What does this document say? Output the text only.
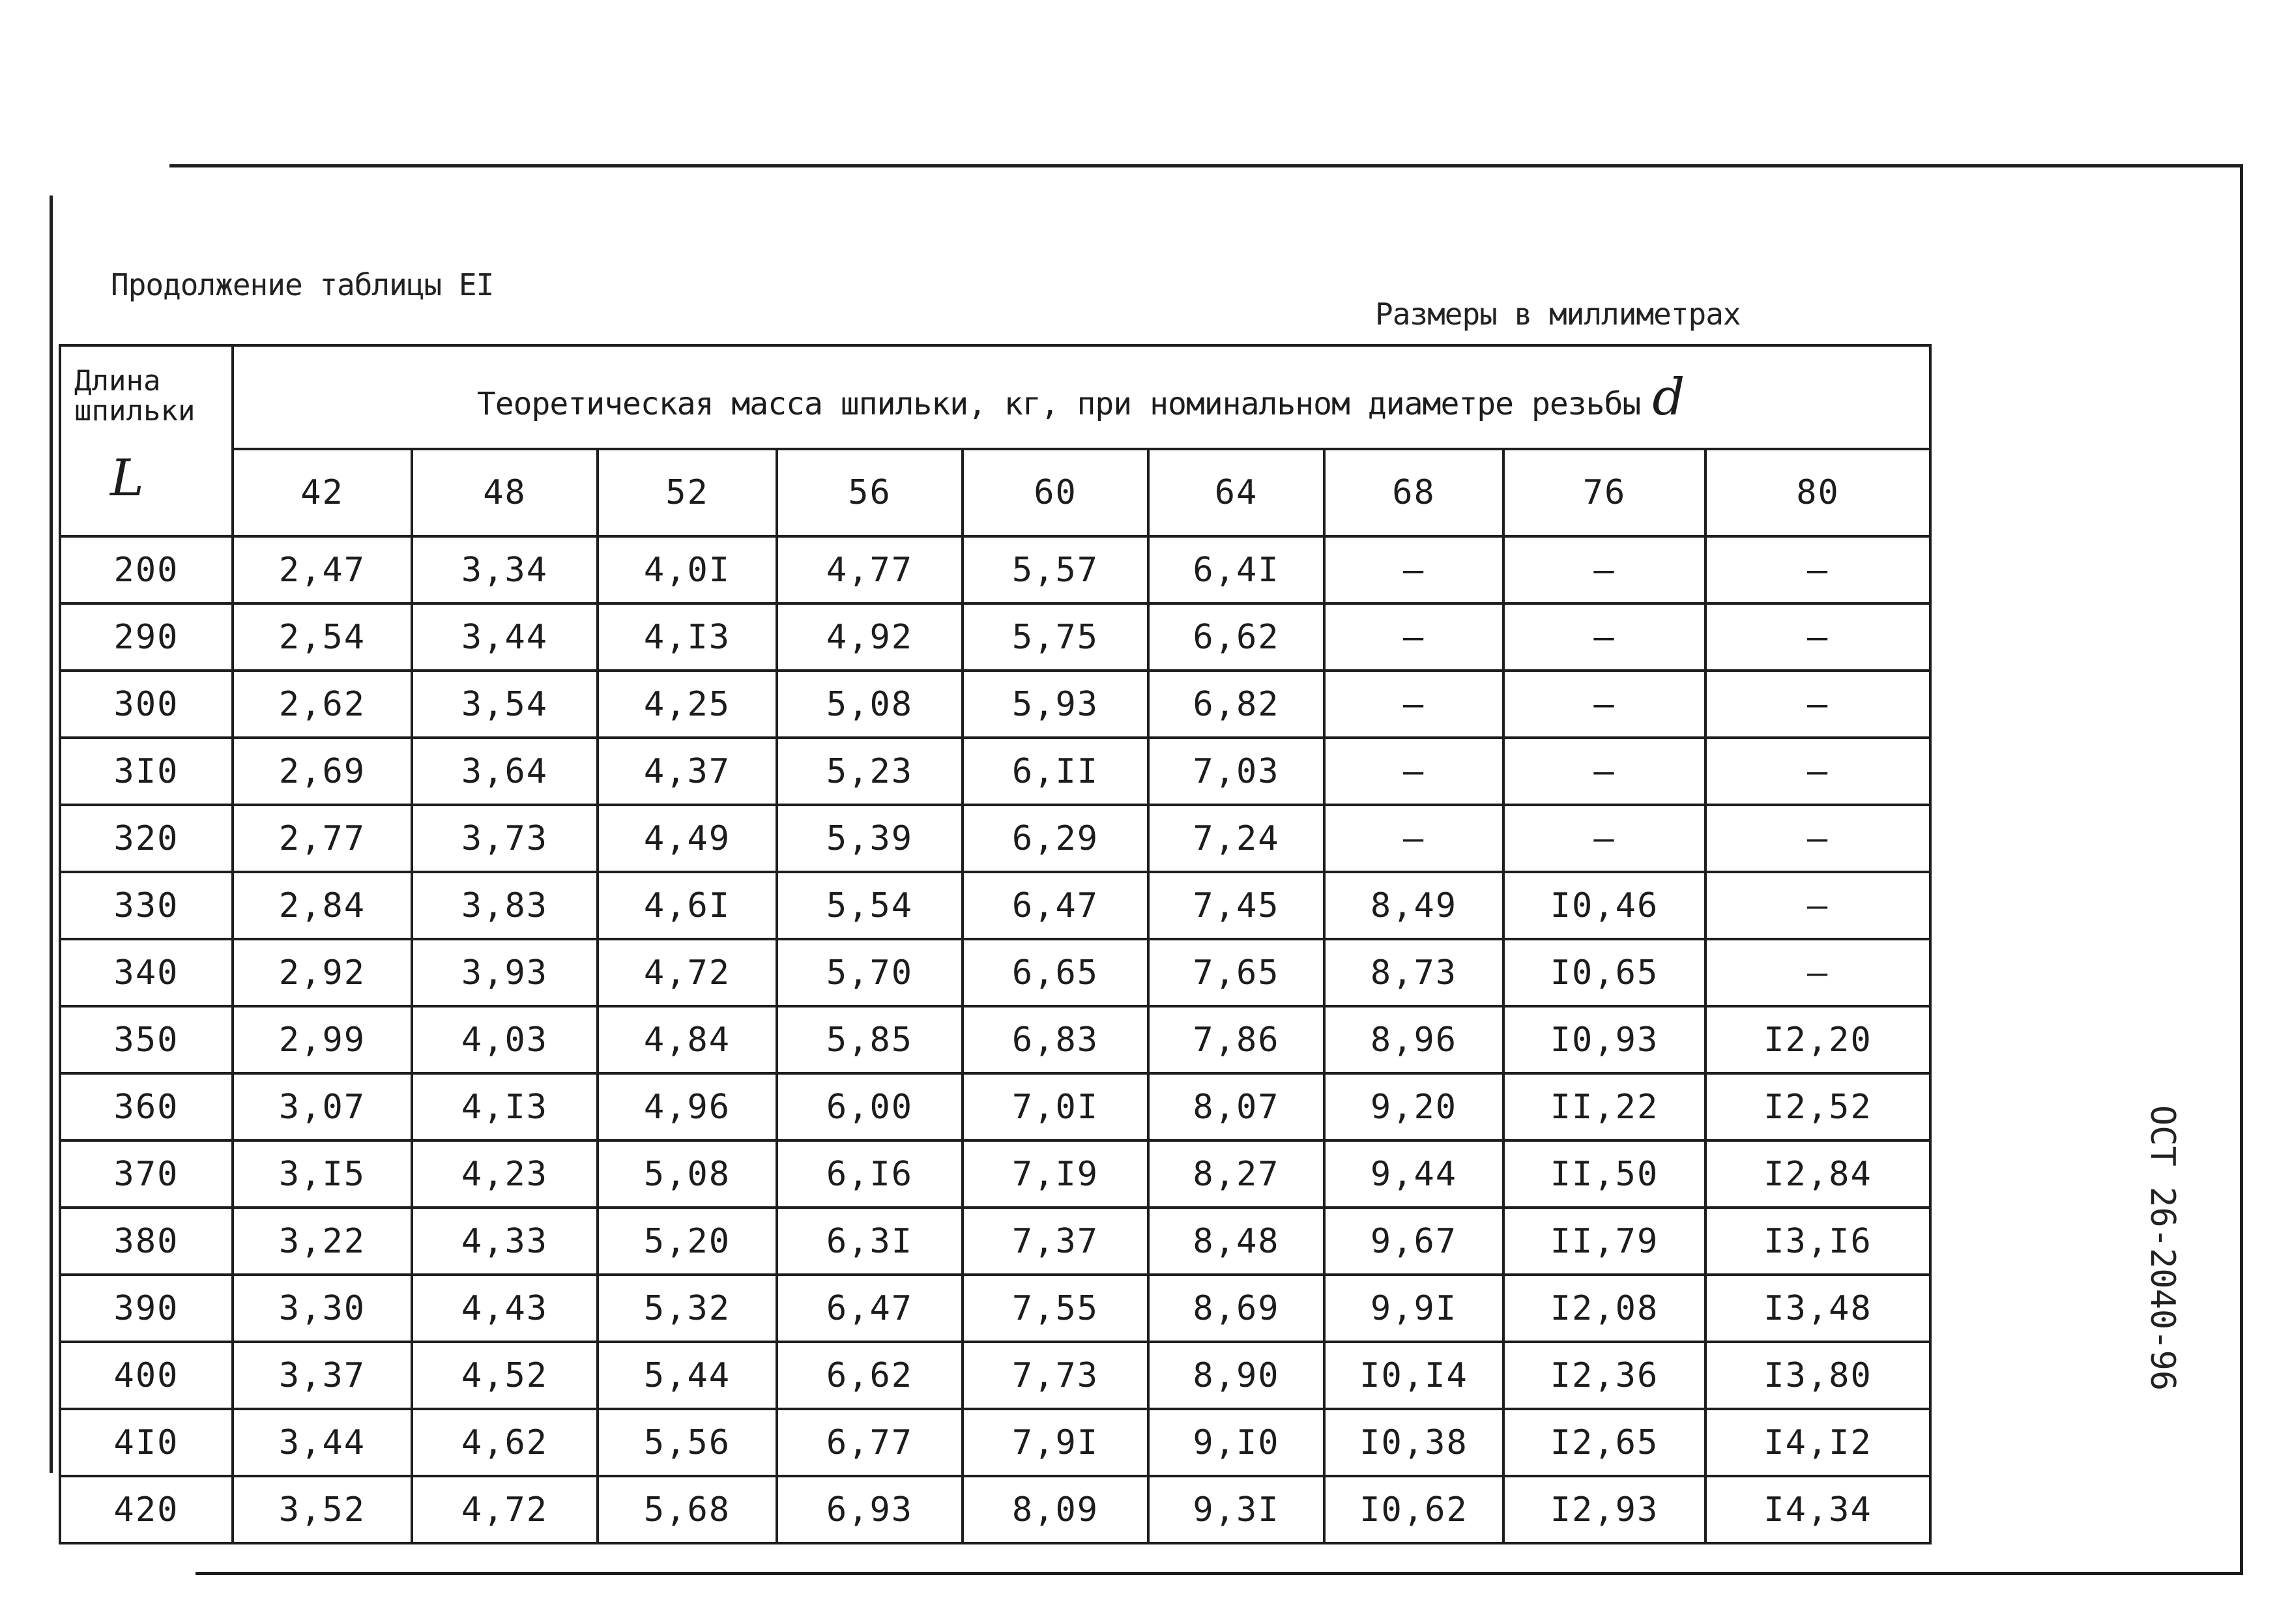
Продолжение таблицы EI
Размеры в миллиметрах
ОСТ 26-2040-96
Длина
шпильки
L	Теоретическая масса шпильки, кг, при номинальном диаметре резьбы d								
	42	48	52	56	60	64	68	76	80
200	2,47	3,34	4,0I	4,77	5,57	6,4I	–	–	–
290	2,54	3,44	4,I3	4,92	5,75	6,62	–	–	–
300	2,62	3,54	4,25	5,08	5,93	6,82	–	–	–
3I0	2,69	3,64	4,37	5,23	6,II	7,03	–	–	–
320	2,77	3,73	4,49	5,39	6,29	7,24	–	–	–
330	2,84	3,83	4,6I	5,54	6,47	7,45	8,49	I0,46	–
340	2,92	3,93	4,72	5,70	6,65	7,65	8,73	I0,65	–
350	2,99	4,03	4,84	5,85	6,83	7,86	8,96	I0,93	I2,20
360	3,07	4,I3	4,96	6,00	7,0I	8,07	9,20	II,22	I2,52
370	3,I5	4,23	5,08	6,I6	7,I9	8,27	9,44	II,50	I2,84
380	3,22	4,33	5,20	6,3I	7,37	8,48	9,67	II,79	I3,I6
390	3,30	4,43	5,32	6,47	7,55	8,69	9,9I	I2,08	I3,48
400	3,37	4,52	5,44	6,62	7,73	8,90	I0,I4	I2,36	I3,80
4I0	3,44	4,62	5,56	6,77	7,9I	9,I0	I0,38	I2,65	I4,I2
420	3,52	4,72	5,68	6,93	8,09	9,3I	I0,62	I2,93	I4,34
